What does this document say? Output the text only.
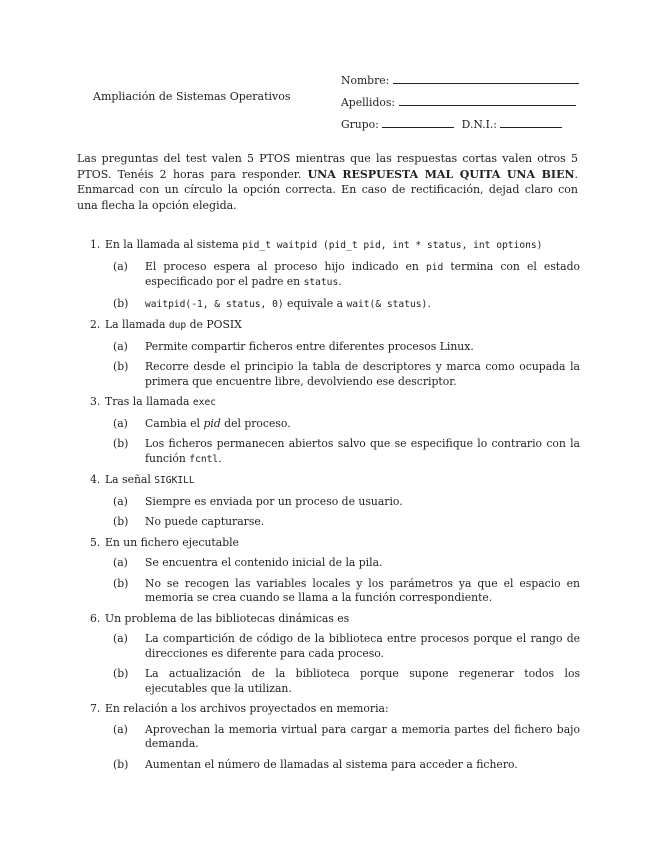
Ampliación de Sistemas Operativos
Nombre:
Apellidos:
Grupo:	D.N.I.:
Las preguntas del test valen 5 PTOS mientras que las respuestas cortas valen otros 5 PTOS. Tenéis 2 horas para responder. UNA RESPUESTA MAL QUITA UNA BIEN. Enmarcad con un círculo la opción correcta. En caso de rectificación, dejad claro con una flecha la opción elegida.
1. En la llamada al sistema pid_t waitpid (pid_t pid, int * status, int options)
(a) El proceso espera al proceso hijo indicado en pid termina con el estado especificado por el padre en status.
(b) waitpid(-1, & status, 0) equivale a wait(& status).
2. La llamada dup de POSIX
(a) Permite compartir ficheros entre diferentes procesos Linux.
(b) Recorre desde el principio la tabla de descriptores y marca como ocupada la primera que encuentre libre, devolviendo ese descriptor.
3. Tras la llamada exec
(a) Cambia el pid del proceso.
(b) Los ficheros permanecen abiertos salvo que se especifique lo contrario con la función fcntl.
4. La señal SIGKILL
(a) Siempre es enviada por un proceso de usuario.
(b) No puede capturarse.
5. En un fichero ejecutable
(a) Se encuentra el contenido inicial de la pila.
(b) No se recogen las variables locales y los parámetros ya que el espacio en memoria se crea cuando se llama a la función correspondiente.
6. Un problema de las bibliotecas dinámicas es
(a) La compartición de código de la biblioteca entre procesos porque el rango de direcciones es diferente para cada proceso.
(b) La actualización de la biblioteca porque supone regenerar todos los ejecutables que la utilizan.
7. En relación a los archivos proyectados en memoria:
(a) Aprovechan la memoria virtual para cargar a memoria partes del fichero bajo demanda.
(b) Aumentan el número de llamadas al sistema para acceder a fichero.
